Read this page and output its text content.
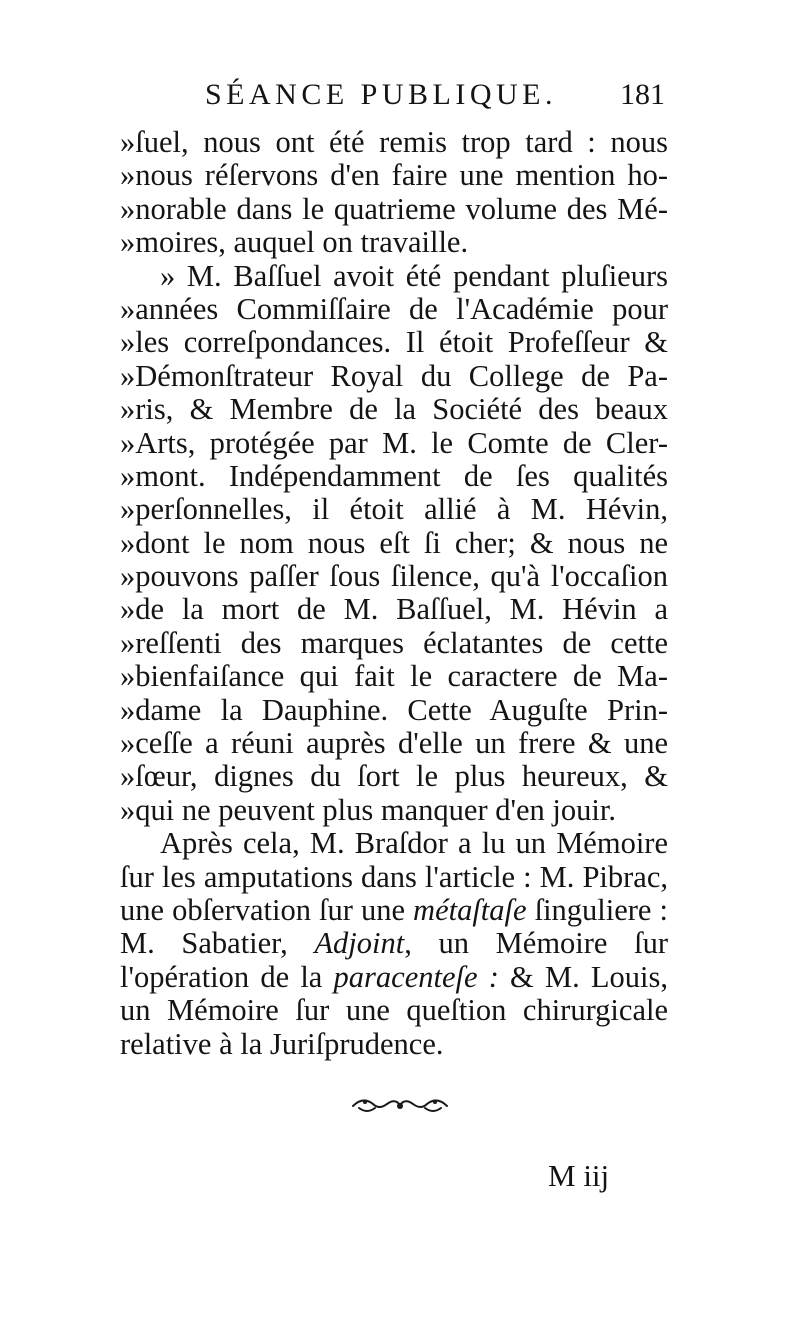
SÉANCE PUBLIQUE. 181
»ſuel, nous ont été remis trop tard : nous
»nous réſervons d'en faire une mention ho-
»norable dans le quatrieme volume des Mé-
»moires, auquel on travaille.
» M. Baſſuel avoit été pendant pluſieurs
»années Commiſſaire de l'Académie pour
»les correſpondances. Il étoit Profeſſeur &
»Démonſtrateur Royal du College de Pa-
»ris, & Membre de la Société des beaux
»Arts, protégée par M. le Comte de Cler-
»mont. Indépendamment de ſes qualités
»perſonnelles, il étoit allié à M. Hévin,
»dont le nom nous eſt ſi cher; & nous ne
»pouvons paſſer ſous ſilence, qu'à l'occaſion
»de la mort de M. Baſſuel, M. Hévin a
»reſſenti des marques éclatantes de cette
»bienfaiſance qui fait le caractere de Ma-
»dame la Dauphine. Cette Auguſte Prin-
»ceſſe a réuni auprès d'elle un frere & une
»ſœur, dignes du ſort le plus heureux, &
»qui ne peuvent plus manquer d'en jouir.
Après cela, M. Braſdor a lu un Mémoire
ſur les amputations dans l'article : M. Pibrac,
une obſervation ſur une métaſtaſe ſinguliere :
M. Sabatier, Adjoint, un Mémoire ſur
l'opération de la paracenteſe : & M. Louis,
un Mémoire ſur une queſtion chirurgicale
relative à la Juriſprudence.
M iij
